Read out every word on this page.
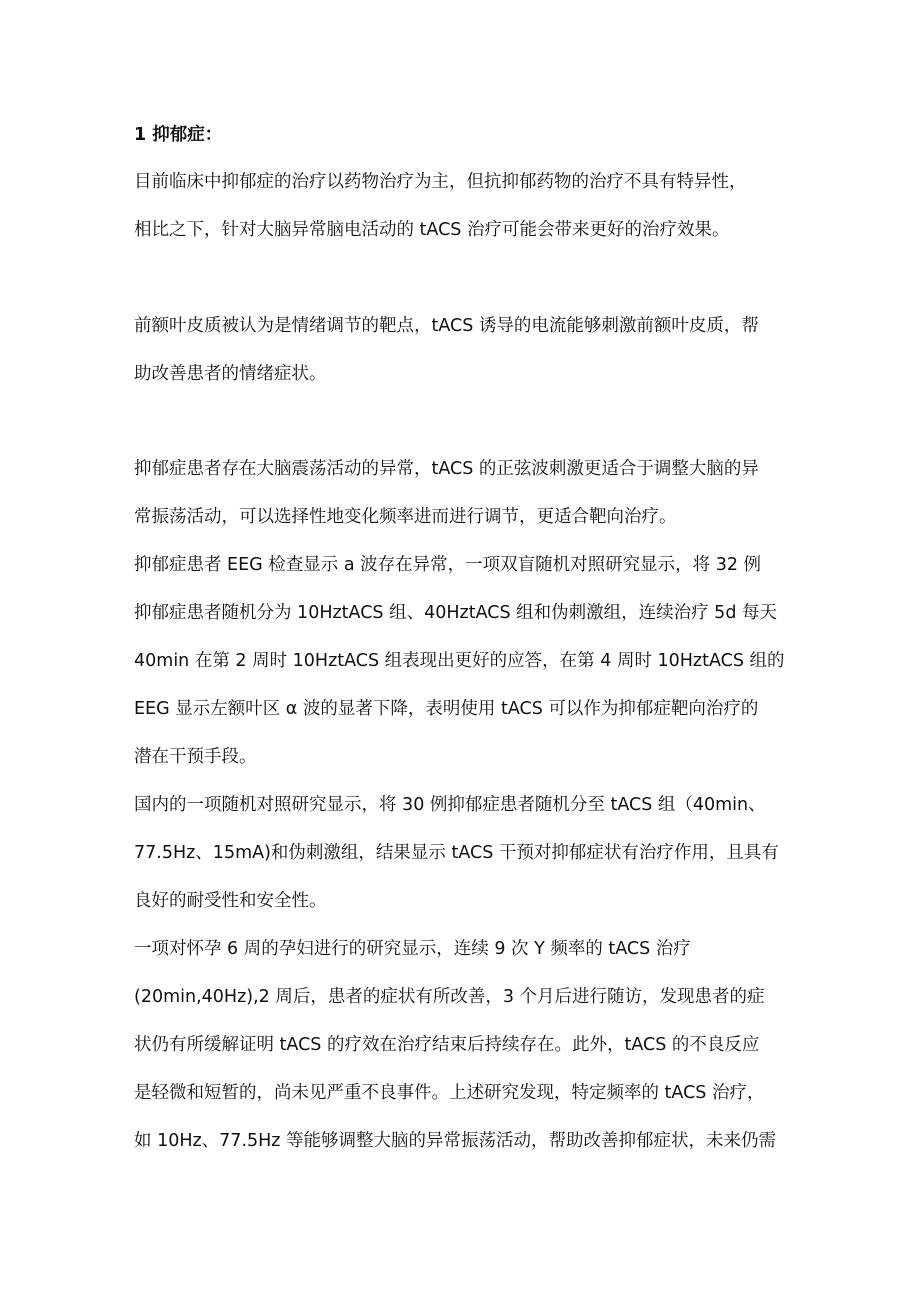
1 抑郁症：
目前临床中抑郁症的治疗以药物治疗为主，但抗抑郁药物的治疗不具有特异性，
相比之下，针对大脑异常脑电活动的 tACS 治疗可能会带来更好的治疗效果。
前额叶皮质被认为是情绪调节的靶点，tACS 诱导的电流能够刺激前额叶皮质，帮
助改善患者的情绪症状。
抑郁症患者存在大脑震荡活动的异常，tACS 的正弦波刺激更适合于调整大脑的异
常振荡活动，可以选择性地变化频率进而进行调节，更适合靶向治疗。
抑郁症患者 EEG 检查显示 a 波存在异常，一项双盲随机对照研究显示，将 32 例
抑郁症患者随机分为 10HztACS 组、40HztACS 组和伪刺激组，连续治疗 5d 每天
40min 在第 2 周时 10HztACS 组表现出更好的应答，在第 4 周时 10HztACS 组的
EEG 显示左额叶区 α 波的显著下降，表明使用 tACS 可以作为抑郁症靶向治疗的
潜在干预手段。
国内的一项随机对照研究显示，将 30 例抑郁症患者随机分至 tACS 组（40min、
77.5Hz、15mA)和伪刺激组，结果显示 tACS 干预对抑郁症状有治疗作用，且具有
良好的耐受性和安全性。
一项对怀孕 6 周的孕妇进行的研究显示，连续 9 次 Y 频率的 tACS 治疗
(20min,40Hz),2 周后，患者的症状有所改善，3 个月后进行随访，发现患者的症
状仍有所缓解证明 tACS 的疗效在治疗结束后持续存在。此外，tACS 的不良反应
是轻微和短暂的，尚未见严重不良事件。上述研究发现，特定频率的 tACS 治疗，
如 10Hz、77.5Hz 等能够调整大脑的异常振荡活动，帮助改善抑郁症状，未来仍需
